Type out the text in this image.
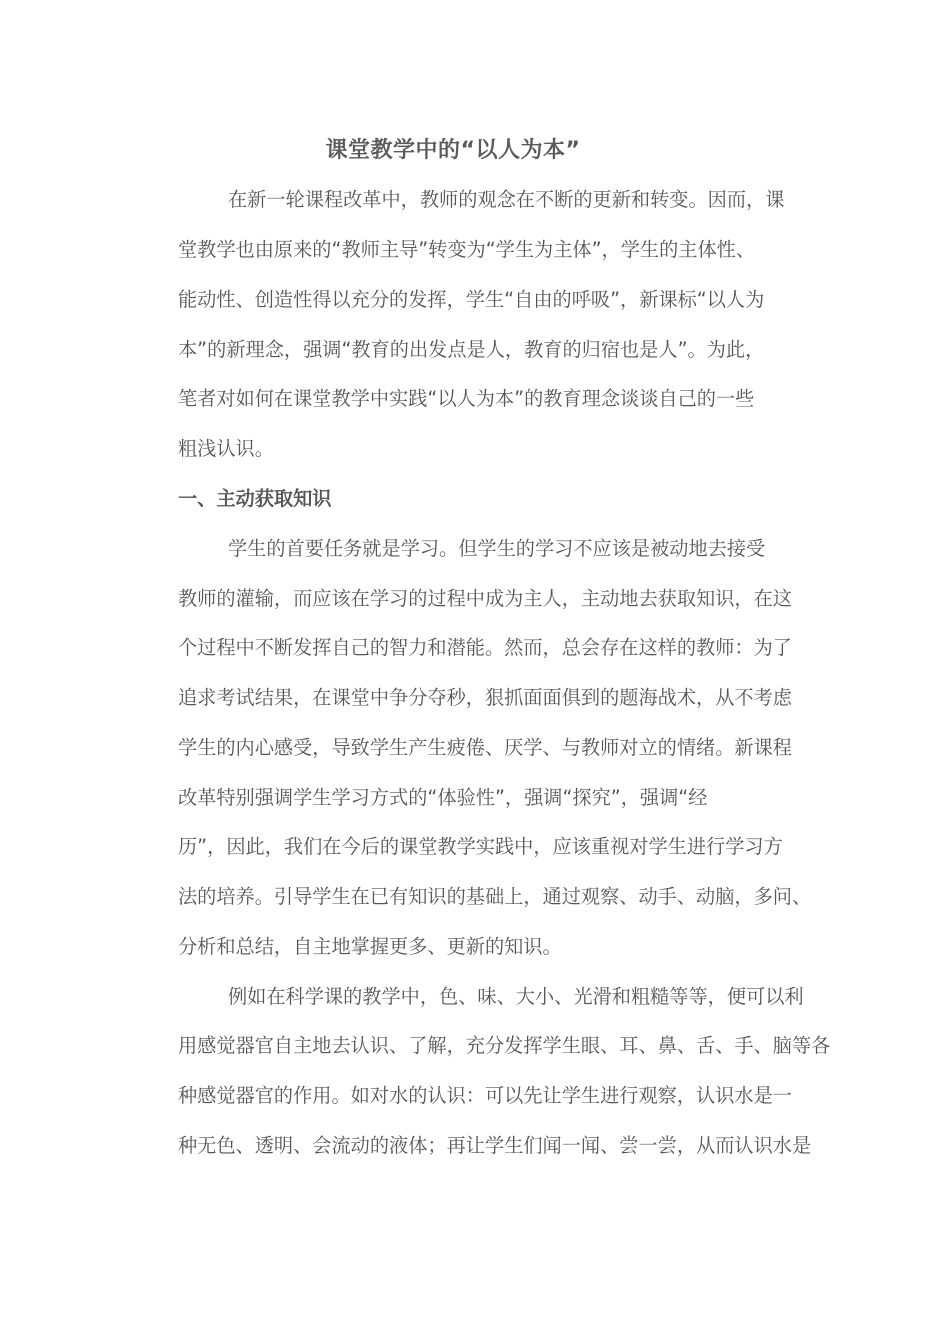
课堂教学中的“以人为本”
在新一轮课程改革中，教师的观念在不断的更新和转变。因而，课
堂教学也由原来的“教师主导”转变为“学生为主体”，学生的主体性、
能动性、创造性得以充分的发挥，学生“自由的呼吸”，新课标“以人为
本”的新理念，强调“教育的出发点是人，教育的归宿也是人”。为此，
笔者对如何在课堂教学中实践“以人为本”的教育理念谈谈自己的一些
粗浅认识。
一、主动获取知识
学生的首要任务就是学习。但学生的学习不应该是被动地去接受
教师的灌输，而应该在学习的过程中成为主人，主动地去获取知识，在这
个过程中不断发挥自己的智力和潜能。然而，总会存在这样的教师：为了
追求考试结果，在课堂中争分夺秒，狠抓面面俱到的题海战术，从不考虑
学生的内心感受，导致学生产生疲倦、厌学、与教师对立的情绪。新课程
改革特别强调学生学习方式的“体验性”，强调“探究”，强调“经
历”，因此，我们在今后的课堂教学实践中，应该重视对学生进行学习方
法的培养。引导学生在已有知识的基础上，通过观察、动手、动脑，多问、
分析和总结，自主地掌握更多、更新的知识。
例如在科学课的教学中，色、味、大小、光滑和粗糙等等，便可以利
用感觉器官自主地去认识、了解，充分发挥学生眼、耳、鼻、舌、手、脑等各
种感觉器官的作用。如对水的认识：可以先让学生进行观察，认识水是一
种无色、透明、会流动的液体；再让学生们闻一闻、尝一尝，从而认识水是
